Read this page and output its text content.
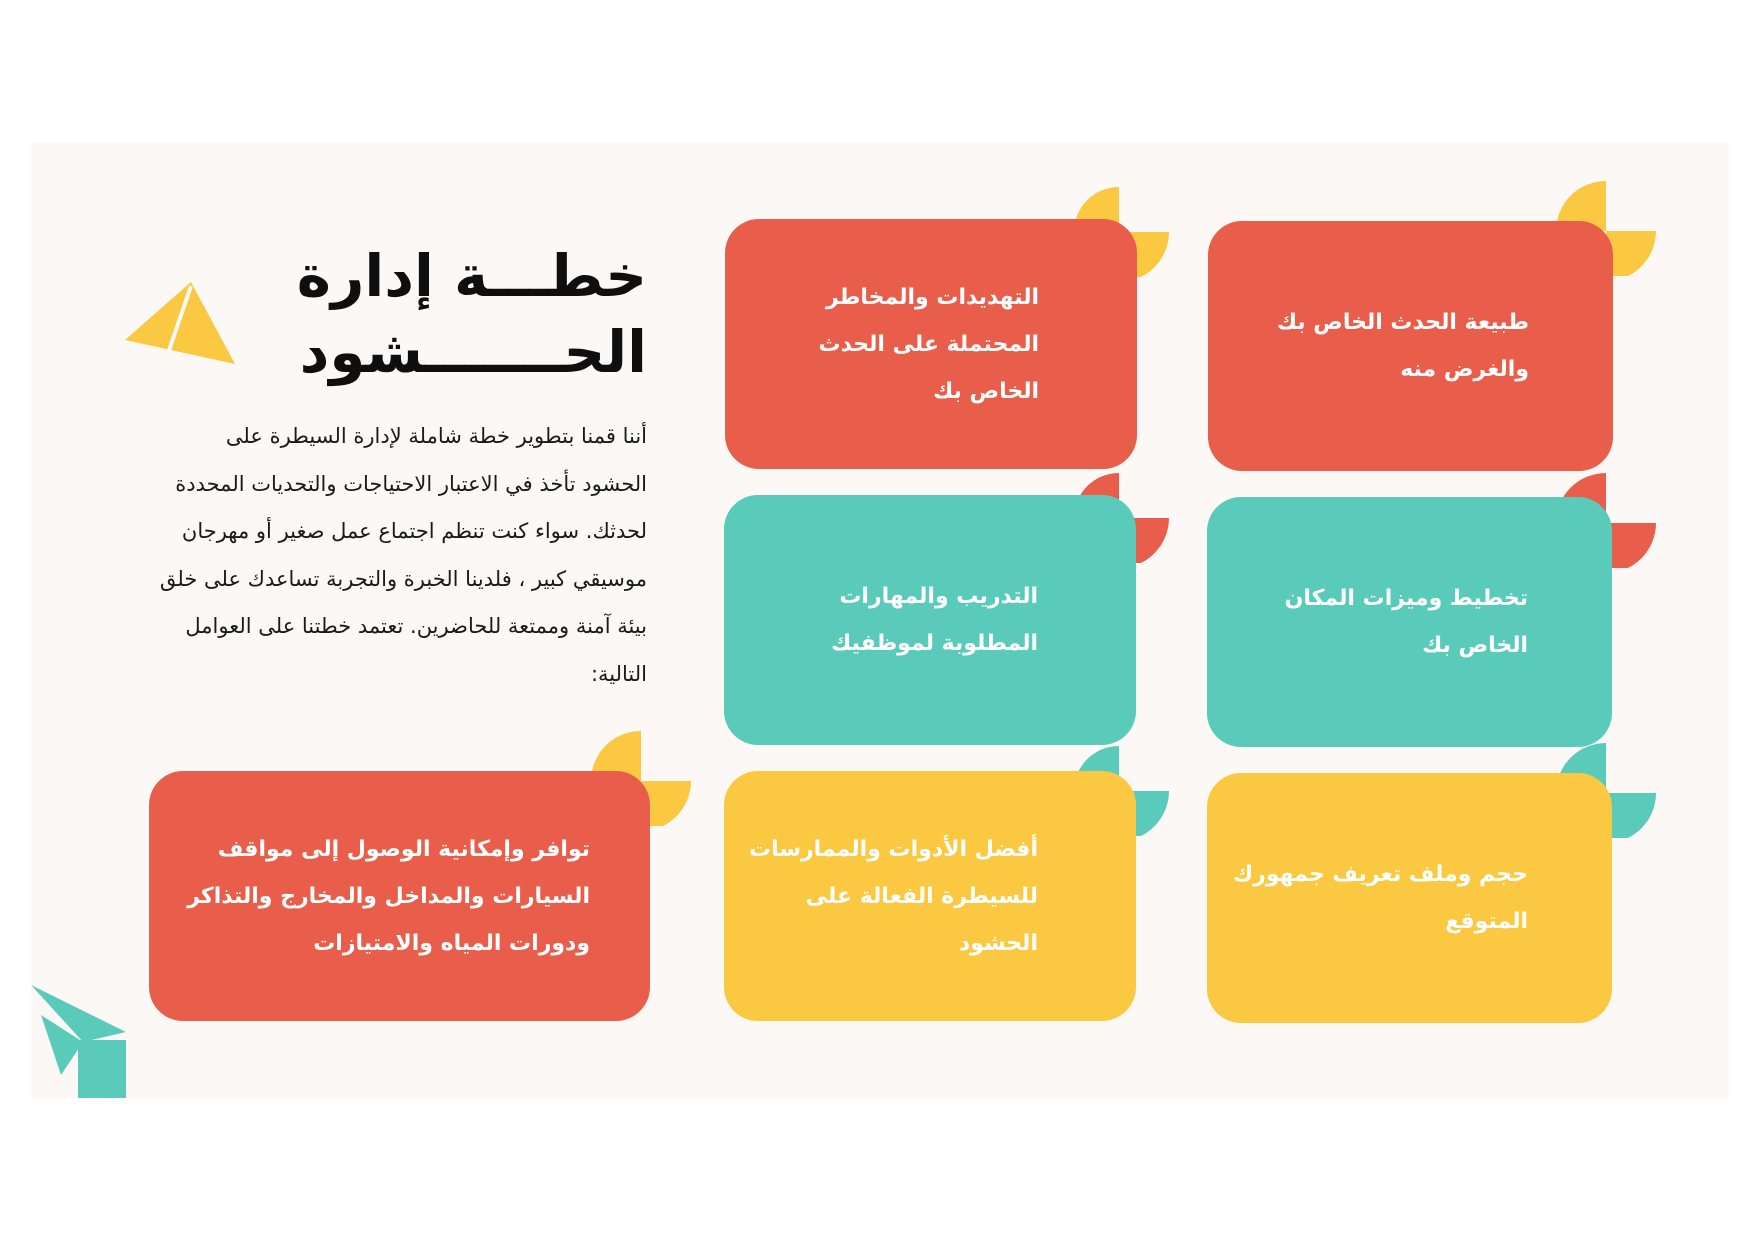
خطـــة إدارة
الحـــــــشود
أننا قمنا بتطوير خطة شاملة لإدارة السيطرة على الحشود تأخذ في الاعتبار الاحتياجات والتحديات المحددة لحدثك. سواء كنت تنظم اجتماع عمل صغير أو مهرجان موسيقي كبير ، فلدينا الخبرة والتجربة تساعدك على خلق بيئة آمنة وممتعة للحاضرين. تعتمد خطتنا على العوامل التالية:
طبيعة الحدث الخاص بك والغرض منه
التهديدات والمخاطر المحتملة على الحدث الخاص بك
تخطيط وميزات المكان الخاص بك
التدريب والمهارات المطلوبة لموظفيك
حجم وملف تعريف جمهورك المتوقع
أفضل الأدوات والممارسات للسيطرة الفعالة على الحشود
توافر وإمكانية الوصول إلى مواقف السيارات والمداخل والمخارج والتذاكر ودورات المياه والامتيازات
